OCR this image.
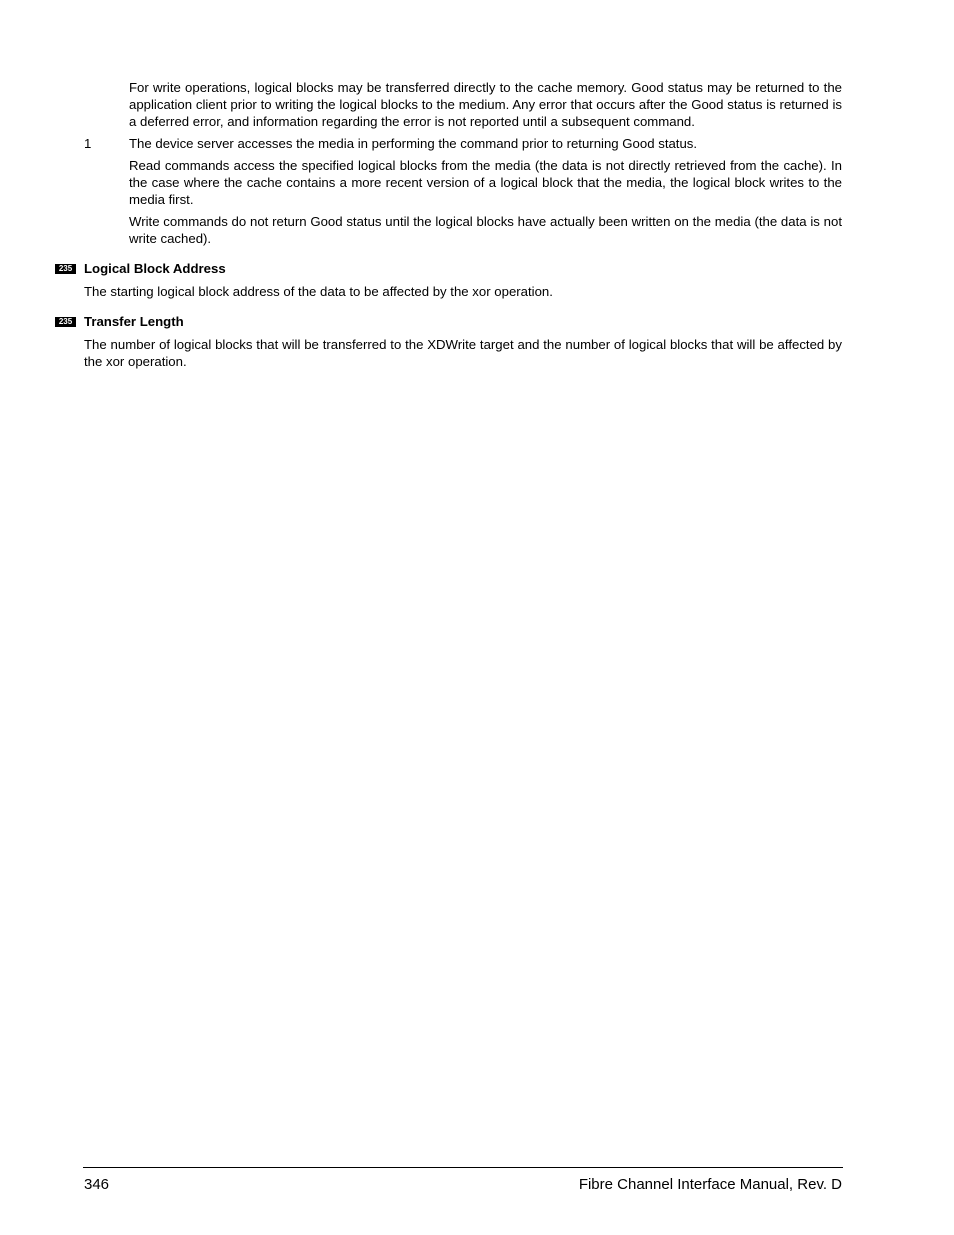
For write operations, logical blocks may be transferred directly to the cache memory. Good status may be returned to the application client prior to writing the logical blocks to the medium. Any error that occurs after the Good status is returned is a deferred error, and information regarding the error is not reported until a subsequent command.

1	The device server accesses the media in performing the command prior to returning Good status.

Read commands access the specified logical blocks from the media (the data is not directly retrieved from the cache). In the case where the cache contains a more recent version of a logical block that the media, the logical block writes to the media first.

Write commands do not return Good status until the logical blocks have actually been written on the media (the data is not write cached).

235 Logical Block Address

The starting logical block address of the data to be affected by the xor operation.

235 Transfer Length

The number of logical blocks that will be transferred to the XDWrite target and the number of logical blocks that will be affected by the xor operation.

346	Fibre Channel Interface Manual, Rev. D
